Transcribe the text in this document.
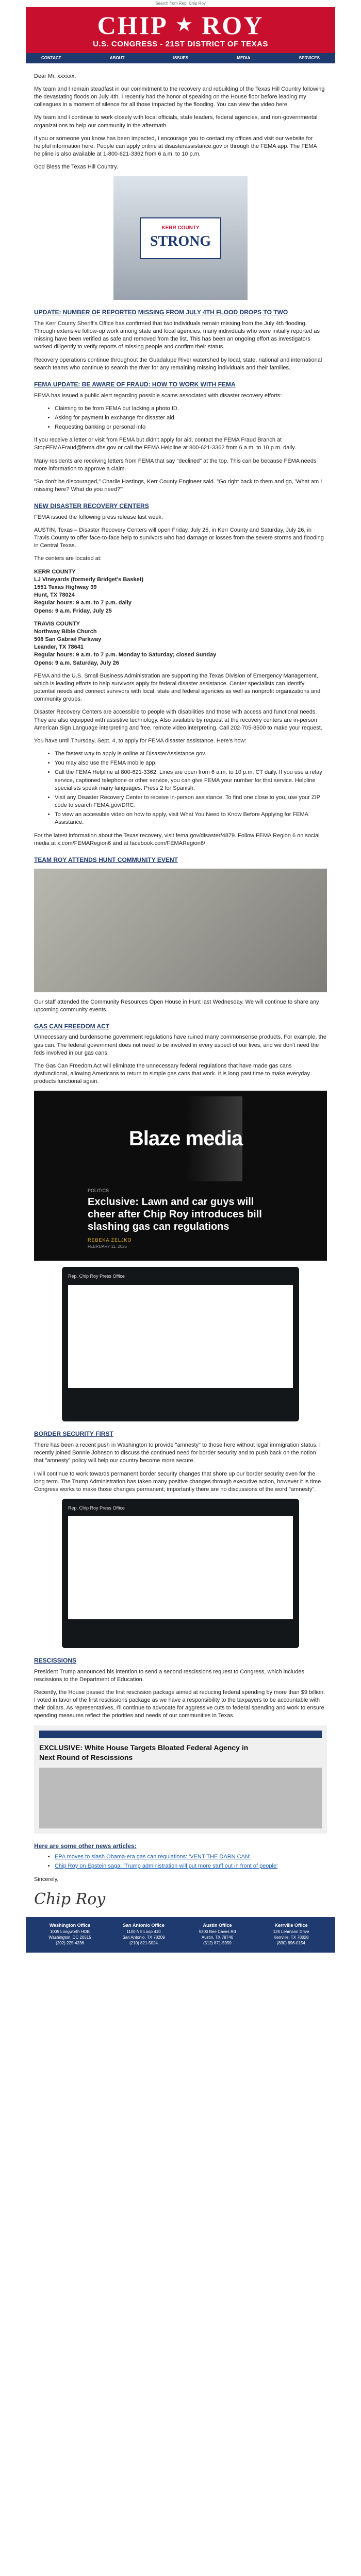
Search from Rep. Chip Roy
CHIP ★ ROY
U.S. CONGRESS - 21ST DISTRICT OF TEXAS
CONTACT	ABOUT	ISSUES	MEDIA	SERVICES

Dear Mr. xxxxxx,

My team and I remain steadfast in our commitment to the recovery and rebuilding of the Texas Hill Country following the devastating floods on July 4th. I recently had the honor of speaking on the House floor before leading my colleagues in a moment of silence for all those impacted by the flooding. You can view the video here.

My team and I continue to work closely with local officials, state leaders, federal agencies, and non-governmental organizations to help our community in the aftermath.

If you or someone you know has been impacted, I encourage you to contact my offices and visit our website for helpful information here. People can apply online at disasterassistance.gov or through the FEMA app. The FEMA helpline is also available at 1-800-621-3362 from 6 a.m. to 10 p.m.

God Bless the Texas Hill Country.

KERR COUNTY
STRONG
UPDATE: NUMBER OF REPORTED MISSING FROM JULY 4TH FLOOD DROPS TO TWO

The Kerr County Sheriff's Office has confirmed that two individuals remain missing from the July 4th flooding. Through extensive follow-up work among state and local agencies, many individuals who were initially reported as missing have been verified as safe and removed from the list. This has been an ongoing effort as investigators worked diligently to verify reports of missing people and confirm their status.

Recovery operations continue throughout the Guadalupe River watershed by local, state, national and international search teams who continue to search the river for any remaining missing individuals and their families.

FEMA UPDATE: BE AWARE OF FRAUD: HOW TO WORK WITH FEMA

FEMA has issued a public alert regarding possible scams associated with disaster recovery efforts:

• Claiming to be from FEMA but lacking a photo ID.
• Asking for payment in exchange for disaster aid
• Requesting banking or personal info

If you receive a letter or visit from FEMA but didn't apply for aid, contact the FEMA Fraud Branch at StopFEMAFraud@fema.dhs.gov or call the FEMA Helpline at 800-621-3362 from 6 a.m. to 10 p.m. daily.

Many residents are receiving letters from FEMA that say "declined" at the top. This can be because FEMA needs more information to approve a claim.

"So don't be discouraged," Charlie Hastings, Kerr County Engineer said. "Go right back to them and go, 'What am I missing here? What do you need?'"

NEW DISASTER RECOVERY CENTERS

FEMA issued the following press release last week:

AUSTIN, Texas – Disaster Recovery Centers will open Friday, July 25, in Kerr County and Saturday, July 26, in Travis County to offer face-to-face help to survivors who had damage or losses from the severe storms and flooding in Central Texas.

The centers are located at:

KERR COUNTY
LJ Vineyards (formerly Bridget's Basket)
1551 Texas Highway 39
Hunt, TX 78024
Regular hours: 9 a.m. to 7 p.m. daily
Opens: 9 a.m. Friday, July 25
TRAVIS COUNTY
Northway Bible Church
508 San Gabriel Parkway
Leander, TX 78641
Regular hours: 9 a.m. to 7 p.m. Monday to Saturday; closed Sunday
Opens: 9 a.m. Saturday, July 26

FEMA and the U.S. Small Business Administration are supporting the Texas Division of Emergency Management, which is leading efforts to help survivors apply for federal disaster assistance. Center specialists can identify potential needs and connect survivors with local, state and federal agencies as well as nonprofit organizations and community groups.

Disaster Recovery Centers are accessible to people with disabilities and those with access and functional needs. They are also equipped with assistive technology. Also available by request at the recovery centers are in-person American Sign Language interpreting and free, remote video interpreting. Call 202-705-8500 to make your request.

You have until Thursday, Sept. 4, to apply for FEMA disaster assistance. Here's how:

• The fastest way to apply is online at DisasterAssistance.gov.
• You may also use the FEMA mobile app.
• Call the FEMA Helpline at 800-621-3362. Lines are open from 6 a.m. to 10 p.m. CT daily. If you use a relay service, captioned telephone or other service, you can give FEMA your number for that service. Helpline specialists speak many languages. Press 2 for Spanish.
• Visit any Disaster Recovery Center to receive in-person assistance. To find one close to you, use your ZIP code to search FEMA.gov/DRC.
• To view an accessible video on how to apply, visit What You Need to Know Before Applying for FEMA Assistance.

For the latest information about the Texas recovery, visit fema.gov/disaster/4879. Follow FEMA Region 6 on social media at x.com/FEMARegion6 and at facebook.com/FEMARegion6/.

TEAM ROY ATTENDS HUNT COMMUNITY EVENT

Our staff attended the Community Resources Open House in Hunt last Wednesday. We will continue to share any upcoming community events.

GAS CAN FREEDOM ACT

Unnecessary and burdensome government regulations have ruined many commonsense products. For example, the gas can. The federal government does not need to be involved in every aspect of our lives, and we don't need the feds involved in our gas cans.

The Gas Can Freedom Act will eliminate the unnecessary federal regulations that have made gas cans dysfunctional, allowing Americans to return to simple gas cans that work. It is long past time to make everyday products functional again.

Blaze media
POLITICS
Exclusive: Lawn and car guys will cheer after Chip Roy introduces bill slashing gas can regulations
REBEKA ZELJKO
FEBRUARY 11, 2025
Rep. Chip Roy Press Office
BORDER SECURITY FIRST

There has been a recent push in Washington to provide "amnesty" to those here without legal immigration status. I recently joined Bonnie Johnson to discuss the continued need for border security and to push back on the notion that "amnesty" policy will help our country become more secure.

I will continue to work towards permanent border security changes that shore up our border security even for the long term. The Trump Administration has taken many positive changes through executive action, however it is time Congress works to make those changes permanent; importantly there are no discussions of the word "amnesty".

Rep. Chip Roy Press Office
RESCISSIONS

President Trump announced his intention to send a second rescissions request to Congress, which includes rescissions to the Department of Education.

Recently, the House passed the first rescission package aimed at reducing federal spending by more than $9 billion. I voted in favor of the first rescissions package as we have a responsibility to the taxpayers to be accountable with their dollars. As representatives, I'll continue to advocate for aggressive cuts to federal spending and work to ensure spending measures reflect the priorities and needs of our communities in Texas.

EXCLUSIVE: White House Targets Bloated Federal Agency in Next Round of Rescissions
Here are some other news articles:
• EPA moves to slash Obama-era gas can regulations: 'VENT THE DARN CAN'
• Chip Roy on Epstein saga: 'Trump administration will put more stuff out in front of people'

Sincerely,

Chip Roy
Washington Office
1005 Longworth HOB
Washington, DC 20515
(202) 225-4236
San Antonio Office
1100 NE Loop 410
San Antonio, TX 78209
(210) 821-5024
Austin Office
5300 Bee Caves Rd
Austin, TX 78746
(512) 871-5959
Kerrville Office
125 Lehmann Drive
Kerrville, TX 78028
(830) 896-0154
